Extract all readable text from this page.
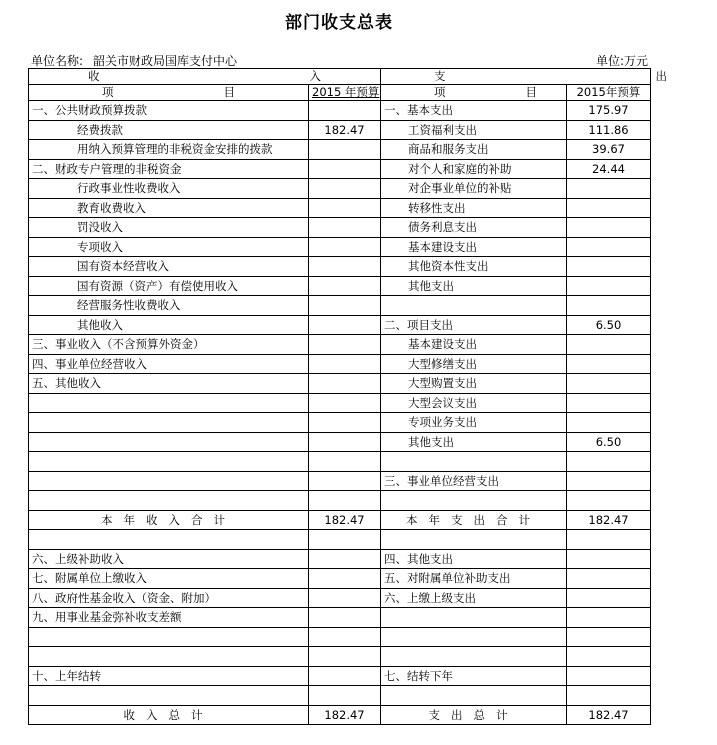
部门收支总表
单位名称: 韶关市财政局国库支付中心	单位:万元
收 入		支 出	
项 目	2015 年预算	项 目	2015年预算
一、公共财政预算拨款		一、基本支出	175.97
经费拨款	182.47	工资福利支出	111.86
用纳入预算管理的非税资金安排的拨款		商品和服务支出	39.67
二、财政专户管理的非税资金		对个人和家庭的补助	24.44
行政事业性收费收入		对企事业单位的补贴	
教育收费收入		转移性支出	
罚没收入		债务利息支出	
专项收入		基本建设支出	
国有资本经营收入		其他资本性支出	
国有资源（资产）有偿使用收入		其他支出	
经营服务性收费收入			
其他收入		二、项目支出	6.50
三、事业收入（不含预算外资金）		基本建设支出	
四、事业单位经营收入		大型修缮支出	
五、其他收入		大型购置支出	
		大型会议支出	
		专项业务支出	
		其他支出	6.50

		三、事业单位经营支出	

本年收入合计	182.47	本年支出合计	182.47

六、上级补助收入		四、其他支出	
七、附属单位上缴收入		五、对附属单位补助支出	
八、政府性基金收入（资金、附加）		六、上缴上级支出	
九、用事业基金弥补收支差额			

十、上年结转		七、结转下年	

收入总计	182.47	支出总计	182.47
